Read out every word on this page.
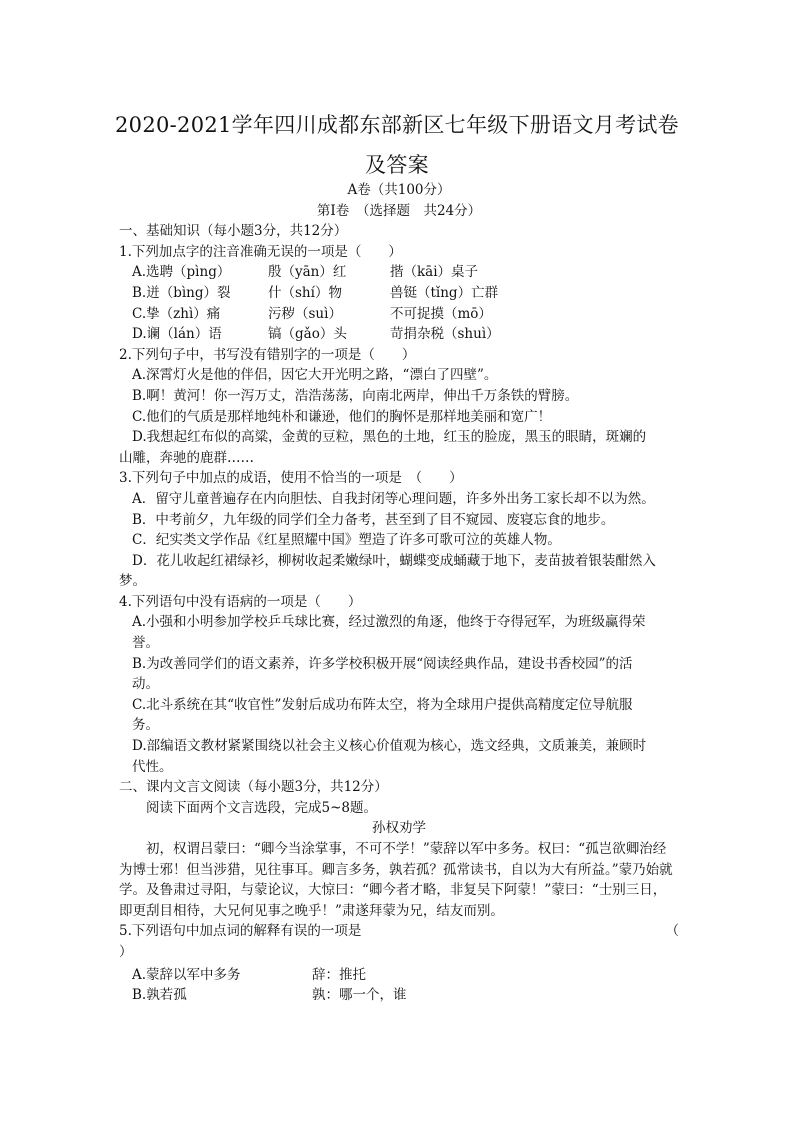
2020-2021学年四川成都东部新区七年级下册语文月考试卷
及答案
A卷（共100分）
第Ⅰ卷　（选择题　共24分）
一、基础知识（每小题3分，共12分）
1.下列加点字的注音准确无误的一项是（　　）
A.选聘（pìng）	殷（yān）红	揩（kāi）桌子
B.迸（bìng）裂	什（shí）物	兽铤（tǐng）亡群
C.挚（zhì）痛	污秽（suì）	不可捉摸（mō）
D.谰（lán）语	镐（gǎo）头	苛捐杂税（shuì）
2.下列句子中，书写没有错别字的一项是（　　）
A.深霄灯火是他的伴侣，因它大开光明之路，“漂白了四壁”。
B.啊！黄河！你一泻万丈，浩浩荡荡，向南北两岸，伸出千万条铁的臂膀。
C.他们的气质是那样地纯朴和谦逊，他们的胸怀是那样地美丽和宽广！
D.我想起红布似的高粱，金黄的豆粒，黑色的土地，红玉的脸庞，黑玉的眼睛，斑斓的
山雕，奔驰的鹿群……
3.下列句子中加点的成语，使用不恰当的一项是　（　　）
A．留守儿童普遍存在内向胆怯、自我封闭等心理问题，许多外出务工家长却不以为然。
B．中考前夕，九年级的同学们全力备考，甚至到了目不窥园、废寝忘食的地步。
C．纪实类文学作品《红星照耀中国》塑造了许多可歌可泣的英雄人物。
D．花儿收起红裙绿衫，柳树收起柔嫩绿叶，蝴蝶变成蛹藏于地下，麦苗披着银装酣然入
梦。
4.下列语句中没有语病的一项是（　　）
A.小强和小明参加学校乒乓球比赛，经过激烈的角逐，他终于夺得冠军，为班级赢得荣
誉。
B.为改善同学们的语文素养，许多学校积极开展“阅读经典作品，建设书香校园”的活
动。
C.北斗系统在其“收官性”发射后成功布阵太空，将为全球用户提供高精度定位导航服
务。
D.部编语文教材紧紧围绕以社会主义核心价值观为核心，选文经典，文质兼美，兼顾时
代性。
二、课内文言文阅读（每小题3分，共12分）
阅读下面两个文言选段，完成5~8题。
孙权劝学
初，权谓吕蒙曰：“卿今当涂掌事，不可不学！”蒙辞以军中多务。权曰：“孤岂欲卿治经为博士邪！但当涉猎，见往事耳。卿言多务，孰若孤？孤常读书，自以为大有所益。”蒙乃始就学。及鲁肃过寻阳，与蒙论议，大惊曰：“卿今者才略，非复吴下阿蒙！”蒙曰：“士别三日，即更刮目相待，大兄何见事之晚乎！”肃遂拜蒙为兄，结友而别。
5.下列语句中加点词的解释有误的一项是	（
）
A.蒙辞以军中多务	辞：推托
B.孰若孤	孰：哪一个，谁
